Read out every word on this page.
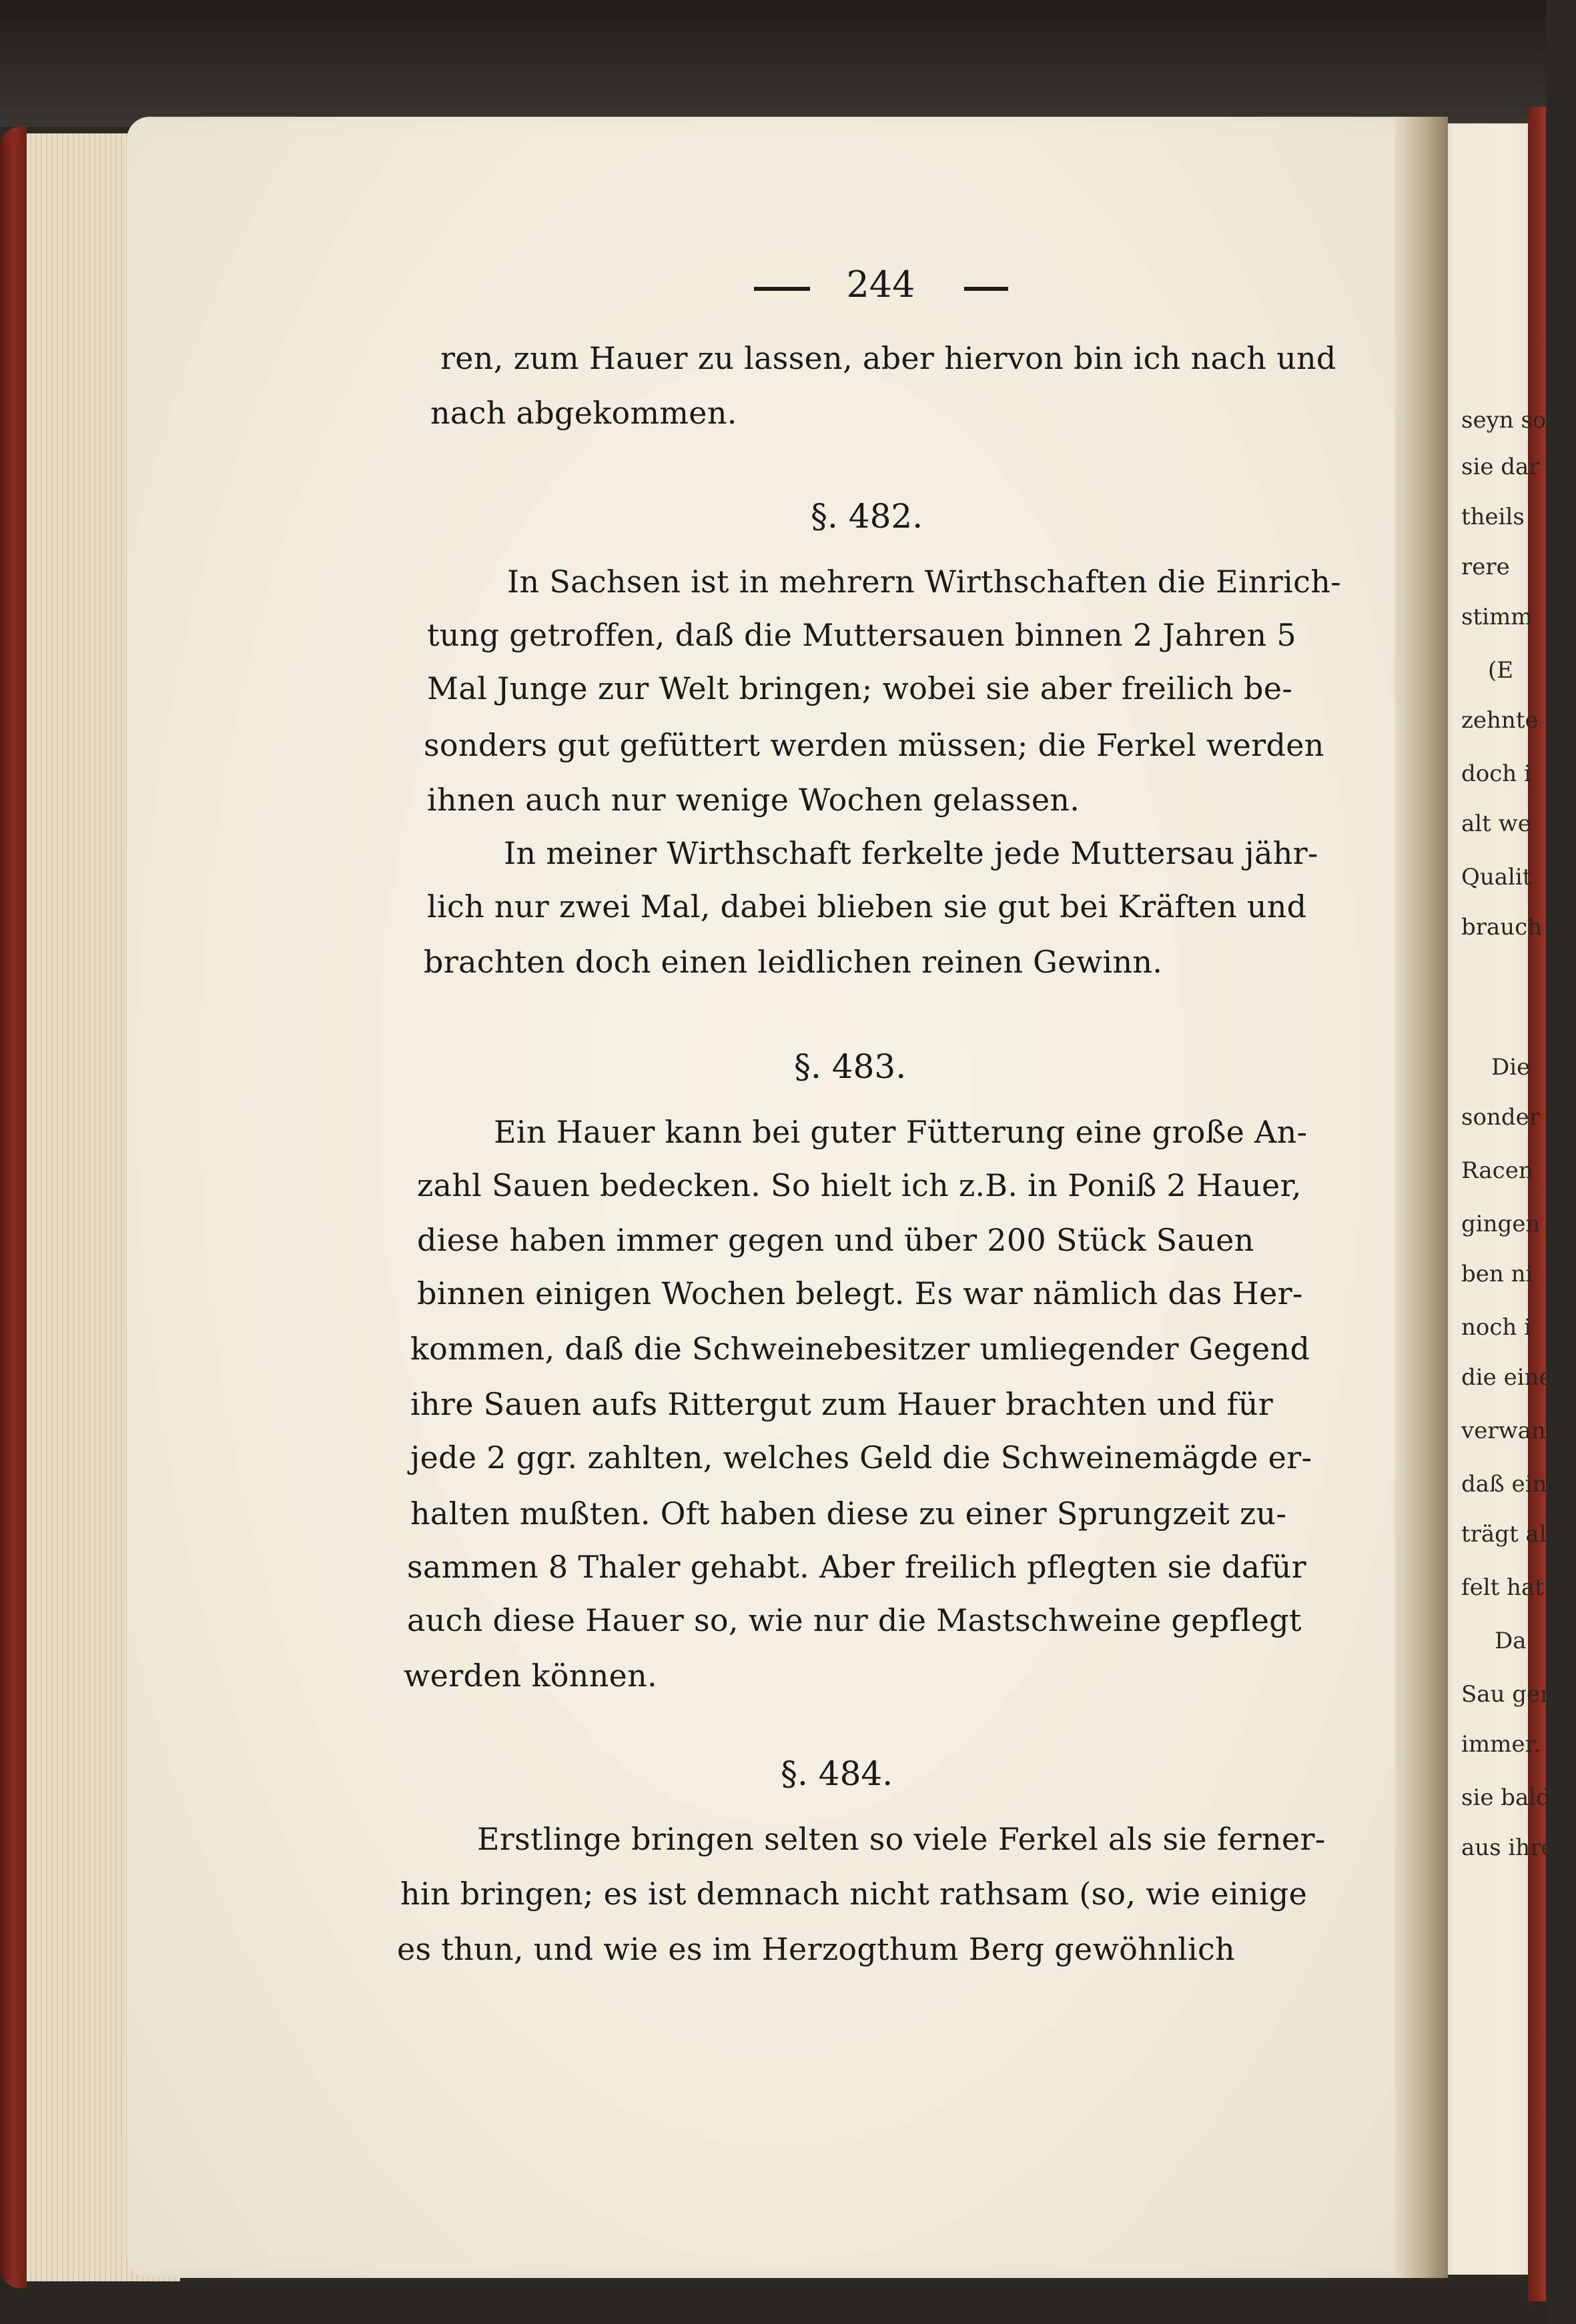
244
ren, zum Hauer zu lassen, aber hiervon bin ich nach und
nach abgekommen.
§. 482.
In Sachsen ist in mehrern Wirthschaften die Einrich-
tung getroffen, daß die Muttersauen binnen 2 Jahren 5
Mal Junge zur Welt bringen; wobei sie aber freilich be-
sonders gut gefüttert werden müssen; die Ferkel werden
ihnen auch nur wenige Wochen gelassen.
In meiner Wirthschaft ferkelte jede Muttersau jähr-
lich nur zwei Mal, dabei blieben sie gut bei Kräften und
brachten doch einen leidlichen reinen Gewinn.
§. 483.
Ein Hauer kann bei guter Fütterung eine große An-
zahl Sauen bedecken. So hielt ich z.B. in Poniß 2 Hauer,
diese haben immer gegen und über 200 Stück Sauen
binnen einigen Wochen belegt. Es war nämlich das Her-
kommen, daß die Schweinebesitzer umliegender Gegend
ihre Sauen aufs Rittergut zum Hauer brachten und für
jede 2 ggr. zahlten, welches Geld die Schweinemägde er-
halten mußten. Oft haben diese zu einer Sprungzeit zu-
sammen 8 Thaler gehabt. Aber freilich pflegten sie dafür
auch diese Hauer so, wie nur die Mastschweine gepflegt
werden können.
§. 484.
Erstlinge bringen selten so viele Ferkel als sie ferner-
hin bringen; es ist demnach nicht rathsam (so, wie einige
es thun, und wie es im Herzogthum Berg gewöhnlich
seyn sol
sie dar
theils
rere
stimm
(E
zehnte
doch i
alt we
Qualit
brauch
Die
sonder
Racen
gingen
ben ni
noch i
die eine
verwan
daß eine
trägt al
felt hat.
Da
Sau gen
immer.
sie bald
aus ihrem
